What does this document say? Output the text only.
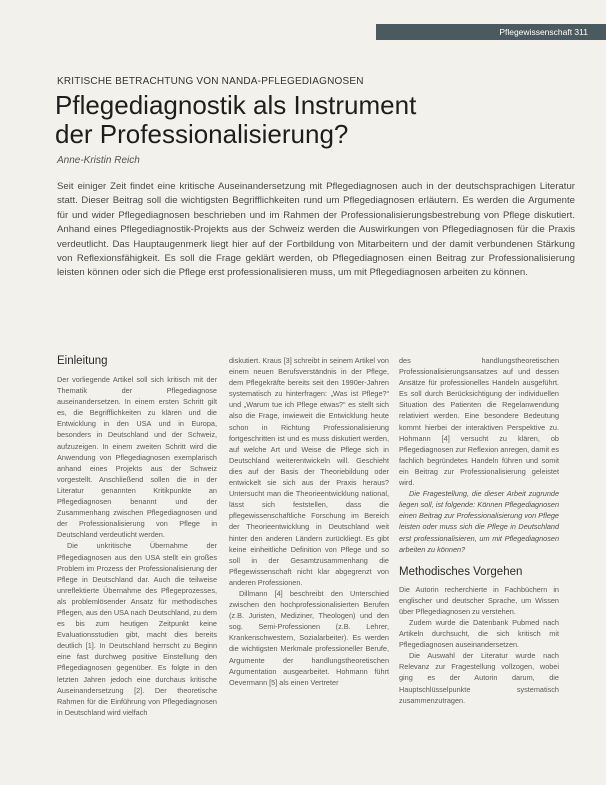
Pflegewissenschaft 311
KRITISCHE BETRACHTUNG VON NANDA-PFLEGEDIAGNOSEN
Pflegediagnostik als Instrument
der Professionalisierung?
Anne-Kristin Reich

Seit einiger Zeit findet eine kritische Auseinandersetzung mit Pflegediagnosen auch in der deutschsprachigen Literatur statt. Dieser Beitrag soll die wichtigsten Begrifflichkeiten rund um Pflegediagnosen erläutern. Es werden die Argumente für und wider Pflegediagnosen beschrieben und im Rahmen der Professionalisierungsbestrebung von Pflege diskutiert. Anhand eines Pflegediagnostik-Projekts aus der Schweiz werden die Auswirkungen von Pflegediagnosen für die Praxis verdeutlicht. Das Hauptaugenmerk liegt hier auf der Fortbildung von Mitarbeitern und der damit verbundenen Stärkung von Reflexionsfähigkeit. Es soll die Frage geklärt werden, ob Pflegediagnosen einen Beitrag zur Professionalisierung leisten können oder sich die Pflege erst professionalisieren muss, um mit Pflegediagnosen arbeiten zu können.

Einleitung

Der vorliegende Artikel soll sich kritisch mit der Thematik der Pflegediagnose auseinandersetzen. In einem ersten Schritt gilt es, die Begrifflichkeiten zu klären und die Entwicklung in den USA und in Europa, besonders in Deutschland und der Schweiz, aufzuzeigen. In einem zweiten Schritt wird die Anwendung von Pflegediagnosen exemplarisch anhand eines Projekts aus der Schweiz vorgestellt. Anschließend sollen die in der Literatur genannten Kritikpunkte an Pflegediagnosen benannt und der Zusammenhang zwischen Pflegediagnosen und der Professionalisierung von Pflege in Deutschland verdeutlicht werden.

Die unkritische Übernahme der Pflegediagnosen aus den USA stellt ein großes Problem im Prozess der Professionalisierung der Pflege in Deutschland dar. Auch die teilweise unreflektierte Übernahme des Pflegeprozesses, als problemlösender Ansatz für methodisches Pflegen, aus den USA nach Deutschland, zu dem es bis zum heutigen Zeitpunkt keine Evaluationsstudien gibt, macht dies bereits deutlich [1]. In Deutschland herrscht zu Beginn eine fast durchweg positive Einstellung den Pflegediagnosen gegenüber. Es folgte in den letzten Jahren jedoch eine durchaus kritische Auseinandersetzung [2]. Der theoretische Rahmen für die Einführung von Pflegediagnosen in Deutschland wird vielfach

diskutiert. Kraus [3] schreibt in seinem Artikel von einem neuen Berufsverständnis in der Pflege, dem Pflegekräfte bereits seit den 1990er-Jahren systematisch zu hinterfragen: „Was ist Pflege?“ und „Warum tue ich Pflege etwas?“ es stellt sich also die Frage, inwieweit die Entwicklung heute schon in Richtung Professionalisierung fortgeschritten ist und es muss diskutiert werden, auf welche Art und Weise die Pflege sich in Deutschland weiterentwickeln will. Geschieht dies auf der Basis der Theoriebildung oder entwickelt sie sich aus der Praxis heraus? Untersucht man die Theorieentwicklung national, lässt sich feststellen, dass die pflegewissenschaftliche Forschung im Bereich der Theorieentwicklung in Deutschland weit hinter den anderen Ländern zurückliegt. Es gibt keine einheitliche Definition von Pflege und so soll in der Gesamtzusammenhang die Pflegewissenschaft nicht klar abgegrenzt von anderen Professionen.

Dillmann [4] beschreibt den Unterschied zwischen den hochprofessionalisierten Berufen (z.B. Juristen, Mediziner, Theologen) und den sog. Semi-Professionen (z.B. Lehrer, Krankenschwestern, Sozialarbeiter). Es werden die wichtigsten Merkmale professioneller Berufe, Argumente der handlungstheoretischen Argumentation ausgearbeitet. Hohmann führt Oevermann [5] als einen Vertreter

des handlungstheoretischen Professionalisierungsansatzes auf und dessen Ansätze für professionelles Handeln ausgeführt. Es soll durch Berücksichtigung der individuellen Situation des Patienten die Regelanwendung relativiert werden. Eine besondere Bedeutung kommt hierbei der interaktiven Perspektive zu. Hohmann [4] versucht zu klären, ob Pflegediagnosen zur Reflexion anregen, damit es fachlich begründetes Handeln führen und somit ein Beitrag zur Professionalisierung geleistet wird.

Die Fragestellung, die dieser Arbeit zugrunde liegen soll, ist folgende: Können Pflegediagnosen einen Beitrag zur Professionalisierung von Pflege leisten oder muss sich die Pflege in Deutschland erst professionalisieren, um mit Pflegediagnosen arbeiten zu können?

Methodisches Vorgehen

Die Autorin recherchierte in Fachbüchern in englischer und deutscher Sprache, um Wissen über Pflegediagnosen zu verstehen.

Zudem wurde die Datenbank Pubmed nach Artikeln durchsucht, die sich kritisch mit Pflegediagnosen auseinandersetzen.

Die Auswahl der Literatur wurde nach Relevanz zur Fragestellung vollzogen, wobei ging es der Autorin darum, die Hauptschlüsselpunkte systematisch zusammenzutragen.
